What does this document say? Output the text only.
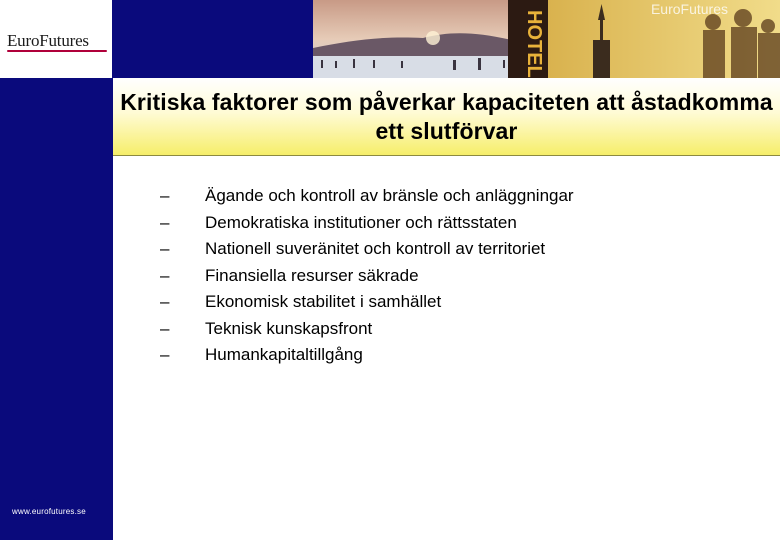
www.eurofutures.se
EuroFutures	HOTEL
EuroFutures
Kritiska faktorer som påverkar kapaciteten att åstadkomma ett slutförvar
–	Ägande och kontroll av bränsle och anläggningar
–	Demokratiska institutioner och rättsstaten
–	Nationell suveränitet och kontroll av territoriet
–	Finansiella resurser säkrade
–	Ekonomisk stabilitet i samhället
–	Teknisk kunskapsfront
–	Humankapitaltillgång
